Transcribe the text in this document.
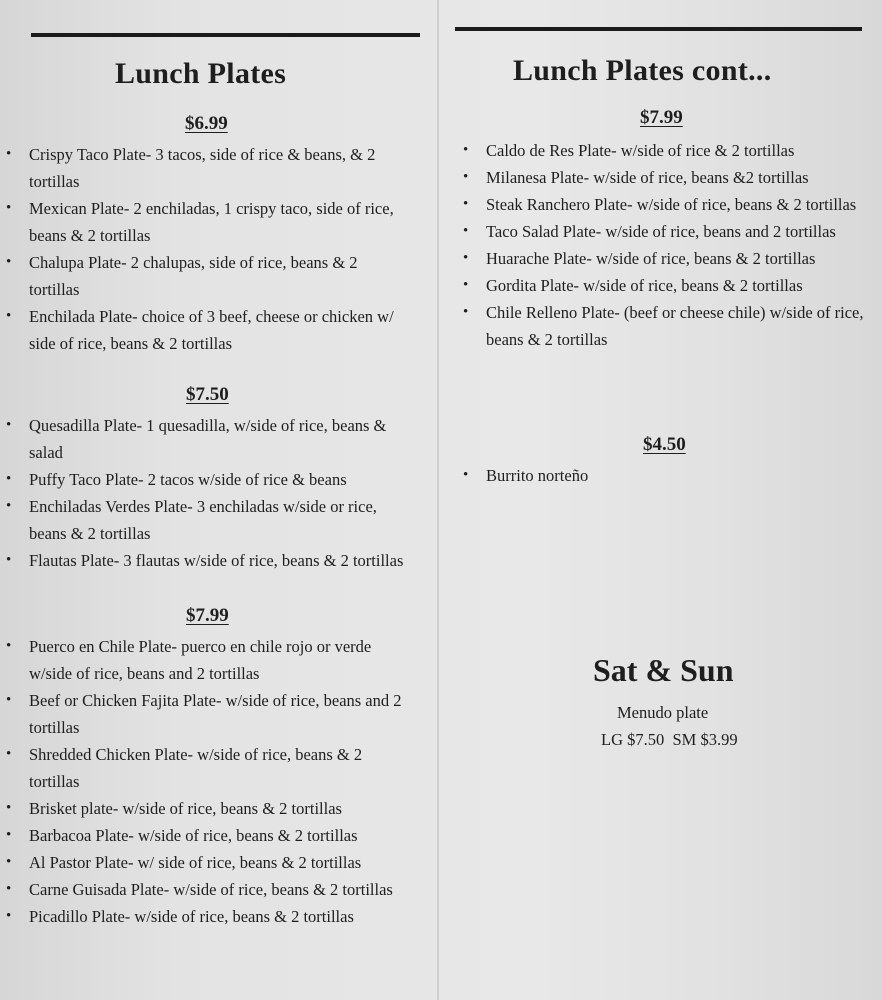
Lunch Plates
$6.99
• Crispy Taco Plate- 3 tacos, side of rice & beans, & 2 tortillas
• Mexican Plate- 2 enchiladas, 1 crispy taco, side of rice, beans & 2 tortillas
• Chalupa Plate- 2 chalupas, side of rice, beans & 2 tortillas
• Enchilada Plate- choice of 3 beef, cheese or chicken w/ side of rice, beans & 2 tortillas
$7.50
• Quesadilla Plate- 1 quesadilla, w/side of rice, beans & salad
• Puffy Taco Plate- 2 tacos w/side of rice & beans
• Enchiladas Verdes Plate- 3 enchiladas w/side or rice, beans & 2 tortillas
• Flautas Plate- 3 flautas w/side of rice, beans & 2 tortillas
$7.99
• Puerco en Chile Plate- puerco en chile rojo or verde w/side of rice, beans and 2 tortillas
• Beef or Chicken Fajita Plate- w/side of rice, beans and 2 tortillas
• Shredded Chicken Plate- w/side of rice, beans & 2 tortillas
• Brisket plate- w/side of rice, beans & 2 tortillas
• Barbacoa Plate- w/side of rice, beans & 2 tortillas
• Al Pastor Plate- w/ side of rice, beans & 2 tortillas
• Carne Guisada Plate- w/side of rice, beans & 2 tortillas
• Picadillo Plate- w/side of rice, beans & 2 tortillas
Lunch Plates cont...
$7.99
• Caldo de Res Plate- w/side of rice & 2 tortillas
• Milanesa Plate- w/side of rice, beans &2 tortillas
• Steak Ranchero Plate- w/side of rice, beans & 2 tortillas
• Taco Salad Plate- w/side of rice, beans and 2 tortillas
• Huarache Plate- w/side of rice, beans & 2 tortillas
• Gordita Plate- w/side of rice, beans & 2 tortillas
• Chile Relleno Plate- (beef or cheese chile) w/side of rice, beans & 2 tortillas
$4.50
• Burrito norteño
Sat & Sun
Menudo plate
LG $7.50  SM $3.99
